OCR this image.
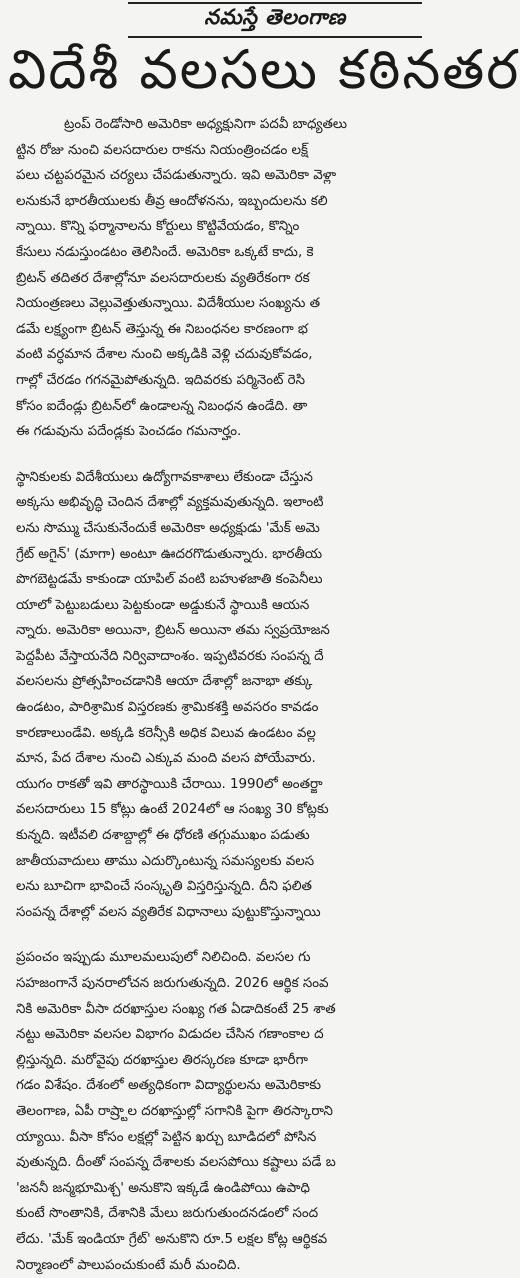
నమస్తే తెలంగాణ
విదేశీ వలసలు కఠినతర
ట్రంప్ రెండోసారి అమెరికా అధ్యక్షునిగా పదవీ బాధ్యతలు
ట్టిన రోజు నుంచి వలసదారుల రాకను నియంత్రించడం లక్ష్
పలు చట్టపరమైన చర్యలు చేపడుతున్నారు. ఇవి అమెరికా వెళ్లా
లనుకునే భారతీయులకు తీవ్ర ఆందోళనను, ఇబ్బందులను కలి
న్నాయి. కొన్ని ఫర్మానాలను కోర్టులు కొట్టివేయడం, కొన్నిం
కేసులు నడుస్తుండటం తెలిసిందే. అమెరికా ఒక్కటే కాదు, కె
బ్రిటన్ తదితర దేశాల్లోనూ వలసదారులకు వ్యతిరేకంగా రక
నియంత్రణలు వెల్లువెత్తుతున్నాయి. విదేశీయుల సంఖ్యను త
డమే లక్ష్యంగా బ్రిటన్ తెస్తున్న ఈ నిబంధనల కారణంగా భ
వంటి వర్ధమాన దేశాల నుంచి అక్కడికి వెళ్లి చదువుకోవడం,
గాల్లో చేరడం గగనమైపోతున్నది. ఇదివరకు పర్మినెంట్ రెసి
కోసం ఐదేండ్లు బ్రిటన్‌లో ఉండాలన్న నిబంధన ఉండేది. తా
ఈ గడువును పదేండ్లకు పెంచడం గమనార్హం.
స్థానికులకు విదేశీయులు ఉద్యోగావకాశాలు లేకుండా చేస్తున
అక్కసు అభివృద్ధి చెందిన దేశాల్లో వ్యక్తమవుతున్నది. ఇలాంటి
లను సొమ్ము చేసుకునేందుకే అమెరికా అధ్యక్షుడు 'మేక్ అమె
గ్రేట్ అగైన్' (మాగా) అంటూ ఊదరగొడుతున్నారు. భారతీయ
పొగబెట్టడమే కాకుండా యాపిల్ వంటి బహుళజాతి కంపెనీలు
యాలో పెట్టుబడులు పెట్టకుండా అడ్డుకునే స్థాయికి ఆయన
న్నారు. అమెరికా అయినా, బ్రిటన్ అయినా తమ స్వప్రయోజన
పెద్దపీట వేస్తాయనేది నిర్వివాదాంశం. ఇప్పటివరకు సంపన్న దే
వలసలను ప్రోత్సహించడానికి ఆయా దేశాల్లో జనాభా తక్కు
ఉండటం, పారిశ్రామిక విస్తరణకు శ్రామికశక్తి అవసరం కావడం
కారణాలుండేవి. అక్కడి కరెన్సీకి అధిక విలువ ఉండటం వల్ల
మాన, పేద దేశాల నుంచి ఎక్కువ మంది వలస పోయేవారు.
యుగం రాకతో ఇవి తారస్థాయికి చేరాయి. 1990లో అంతర్జా
వలసదారులు 15 కోట్లు ఉంటే 2024లో ఆ సంఖ్య 30 కోట్లకు
కున్నది. ఇటీవలి దశాబ్దాల్లో ఈ ధోరణి తగ్గుముఖం పడుతు
జాతీయవాదులు తాము ఎదుర్కొంటున్న సమస్యలకు వలస
లను బూచిగా భావించే సంస్కృతి విస్తరిస్తున్నది. దీని ఫలిత
సంపన్న దేశాల్లో వలస వ్యతిరేక విధానాలు పుట్టుకొస్తున్నాయి
ప్రపంచం ఇప్పుడు మూలమలుపులో నిలిచింది. వలసల గు
సహజంగానే పునరాలోచన జరుగుతున్నది. 2026 ఆర్థిక సంవ
నికి అమెరికా వీసా దరఖాస్తుల సంఖ్య గత ఏడాదికంటే 25 శాత
నట్టు అమెరికా వలసల విభాగం విడుదల చేసిన గణాంకాల ద
ల్లిస్తున్నది. మరోవైపు దరఖాస్తుల తిరస్కరణ కూడా భారీగా
గడం విశేషం. దేశంలో అత్యధికంగా విద్యార్థులను అమెరికాకు
తెలంగాణ, ఏపీ రాష్ర్టాల దరఖాస్తుల్లో సగానికి పైగా తిరస్కారాని
య్యాయి. వీసా కోసం లక్షల్లో పెట్టిన ఖర్చు బూడిదలో పోసిన
వుతున్నది. దీంతో సంపన్న దేశాలకు వలసపోయి కష్టాలు పడే బ
'జననీ జన్మభూమిశ్చ' అనుకొని ఇక్కడే ఉండిపోయి ఉపాధి
కుంటే సొంతానికి, దేశానికి మేలు జరుగుతుందనడంలో సంద
లేదు. 'మేక్ ఇండియా గ్రేట్' అనుకొని రూ.5 లక్షల కోట్ల ఆర్థికవ
నిర్మాణంలో పాలుపంచుకుంటే మరీ మంచిది.
